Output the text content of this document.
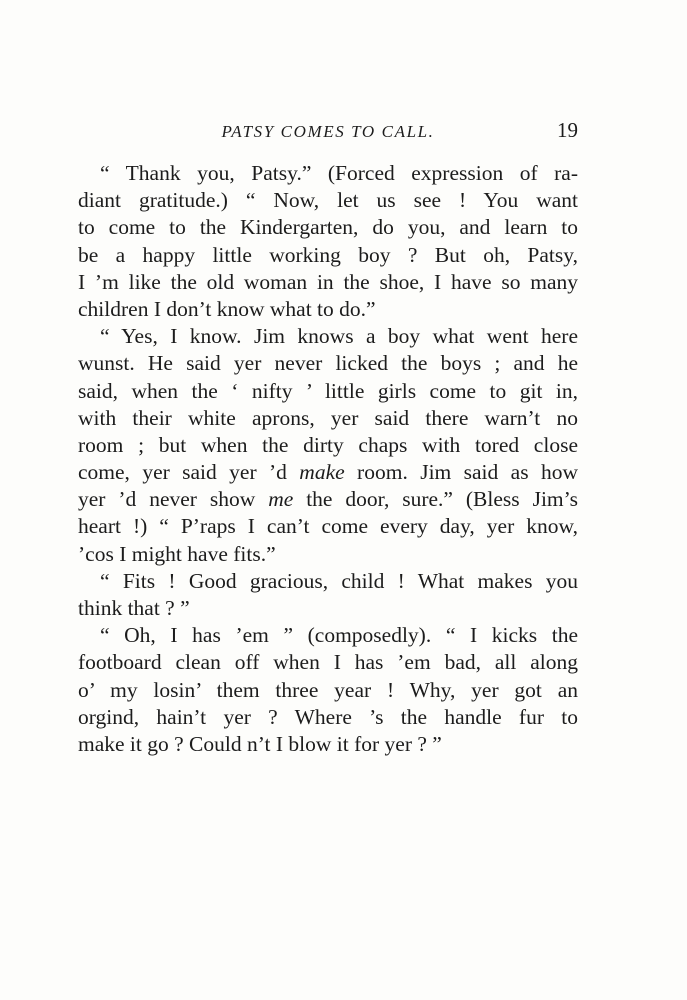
PATSY COMES TO CALL.	19

“ Thank you, Patsy.” (Forced expression of ra-
diant gratitude.) “ Now, let us see ! You want
to come to the Kindergarten, do you, and learn to
be a happy little working boy ? But oh, Patsy,
I ’m like the old woman in the shoe, I have so many
children I don’t know what to do.”

“ Yes, I know. Jim knows a boy what went here
wunst. He said yer never licked the boys ; and he
said, when the ‘ nifty ’ little girls come to git in,
with their white aprons, yer said there warn’t no
room ; but when the dirty chaps with tored close
come, yer said yer ’d make room. Jim said as how
yer ’d never show me the door, sure.” (Bless Jim’s
heart !) “ P’raps I can’t come every day, yer know,
’cos I might have fits.”

“ Fits ! Good gracious, child ! What makes you
think that ? ”

“ Oh, I has ’em ” (composedly). “ I kicks the
footboard clean off when I has ’em bad, all along
o’ my losin’ them three year ! Why, yer got an
orgind, hain’t yer ? Where ’s the handle fur to
make it go ? Could n’t I blow it for yer ? ”
